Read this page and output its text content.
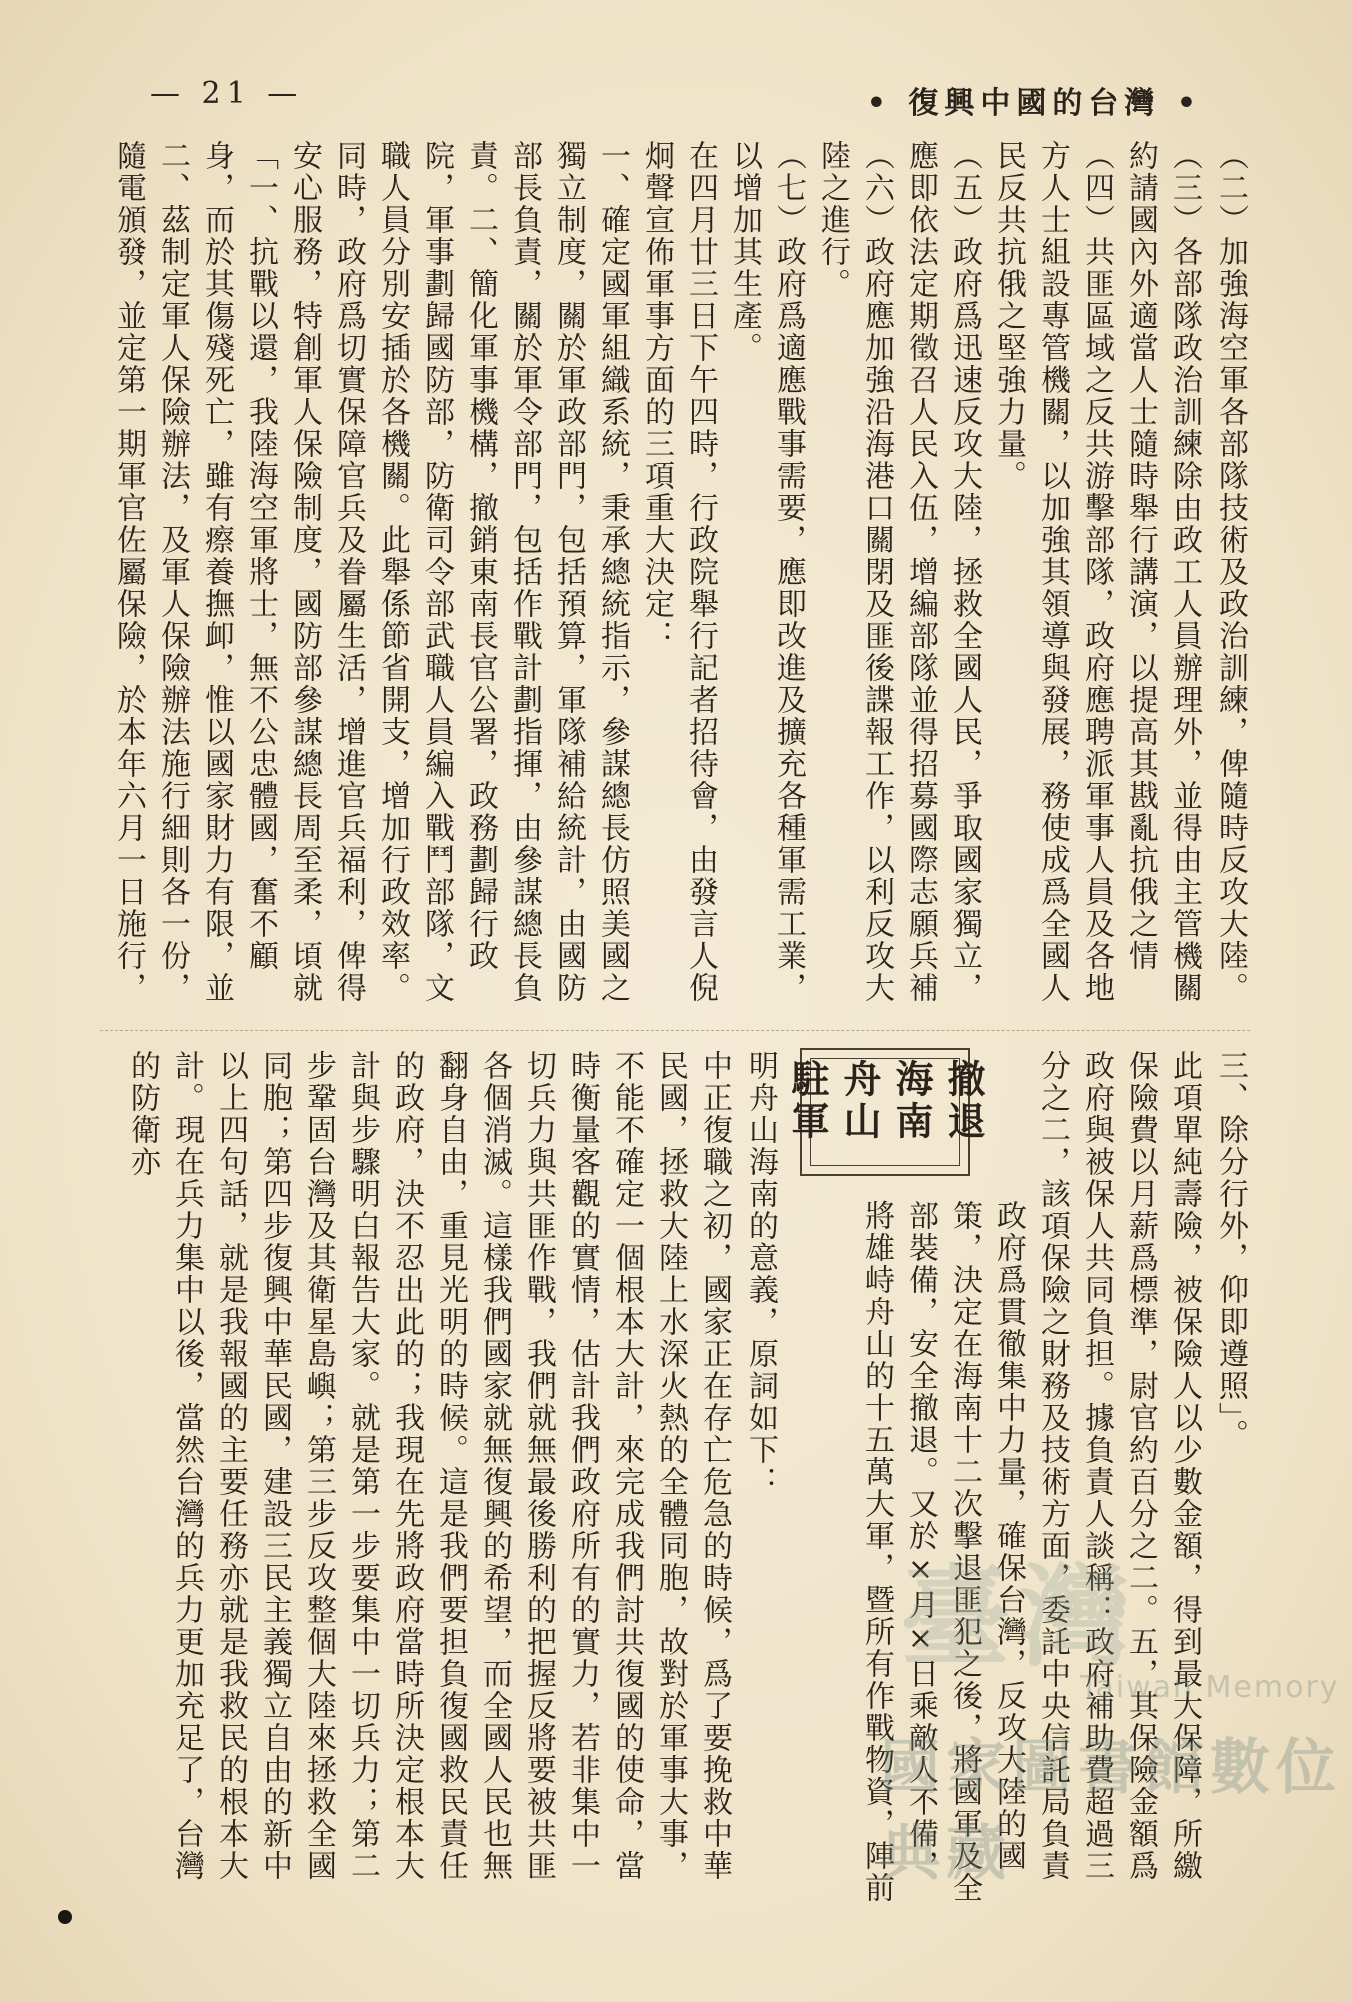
— 21 —	• 復興中國的台灣 •
（二）加強海空軍各部隊技術及政治訓練，俾隨時反攻大陸。
（三）各部隊政治訓練除由政工人員辦理外，並得由主管機關約請國內外適當人士隨時舉行講演，以提高其戡亂抗俄之情
（四）共匪區域之反共游擊部隊，政府應聘派軍事人員及各地方人士組設專管機關，以加強其領導與發展，務使成爲全國人民反共抗俄之堅強力量。
（五）政府爲迅速反攻大陸，拯救全國人民，爭取國家獨立，應即依法定期徵召人民入伍，增編部隊並得招募國際志願兵補
（六）政府應加強沿海港口關閉及匪後諜報工作，以利反攻大陸之進行。
（七）政府爲適應戰事需要，應即改進及擴充各種軍需工業，以增加其生產。
在四月廿三日下午四時，行政院舉行記者招待會，由發言人倪炯聲宣佈軍事方面的三項重大決定：
一、確定國軍組織系統，秉承總統指示，參謀總長仿照美國之獨立制度，關於軍政部門，包括預算，軍隊補給統計，由國防部長負責，關於軍令部門，包括作戰計劃指揮，由參謀總長負責。二、簡化軍事機構，撤銷東南長官公署，政務劃歸行政院，軍事劃歸國防部，防衛司令部武職人員編入戰鬥部隊，文職人員分別安插於各機關。此舉係節省開支，增加行政效率。
同時，政府爲切實保障官兵及眷屬生活，增進官兵福利，俾得安心服務，特創軍人保險制度，國防部參謀總長周至柔，頃就
「一、抗戰以還，我陸海空軍將士，無不公忠體國，奮不顧身，而於其傷殘死亡，雖有瘵養撫卹，惟以國家財力有限，並
二、茲制定軍人保險辦法，及軍人保險辦法施行細則各一份，隨電頒發，並定第一期軍官佐屬保險，於本年六月一日施行，
三、除分行外，仰即遵照」。
此項單純壽險，被保險人以少數金額，得到最大保障，所繳保險費以月薪爲標準，尉官約百分之二。五，其保險金額爲政府與被保人共同負担。據負責人談稱：政府補助費超過三分之二，該項保險之財務及技術方面，委託中央信託局負責
政府爲貫徹集中力量，確保台灣，反攻大陸的國策，決定在海南十二次擊退匪犯之後，將國軍及全部裝備，安全撤退。又於×月×日乘敵人不備，將雄峙舟山的十五萬大軍，暨所有作戰物資，陣前
撤退海南舟山駐軍
明舟山海南的意義，原詞如下：
中正復職之初，國家正在存亡危急的時候，爲了要挽救中華民國，拯救大陸上水深火熱的全體同胞，故對於軍事大事，不能不確定一個根本大計，來完成我們討共復國的使命，當時衡量客觀的實情，估計我們政府所有的實力，若非集中一切兵力與共匪作戰，我們就無最後勝利的把握反將要被共匪各個消滅。這樣我們國家就無復興的希望，而全國人民也無翻身自由，重見光明的時候。這是我們要担負復國救民責任的政府，決不忍出此的；我現在先將政府當時所決定根本大計與步驟明白報告大家。就是第一步要集中一切兵力；第二步鞏固台灣及其衛星島嶼；第三步反攻整個大陸來拯救全國同胞；第四步復興中華民國，建設三民主義獨立自由的新中
以上四句話，就是我報國的主要任務亦就是我救民的根本大計。現在兵力集中以後，當然台灣的兵力更加充足了，台灣的防衛亦
臺灣
Taiwan Memory
國家圖書館數位典藏
